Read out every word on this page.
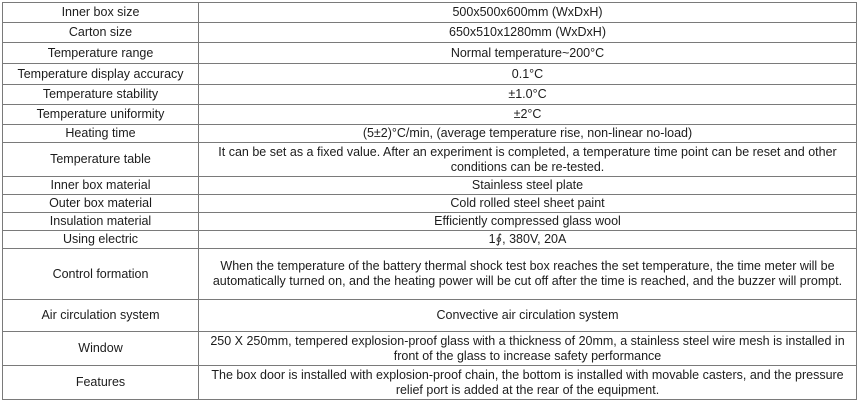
Inner box size	500x500x600mm (WxDxH)
Carton size	650x510x1280mm (WxDxH)
Temperature range	Normal temperature~200°C
Temperature display accuracy	0.1°C
Temperature stability	±1.0°C
Temperature uniformity	±2°C
Heating time	(5±2)°C/min, (average temperature rise, non-linear no-load)
Temperature table	It can be set as a fixed value. After an experiment is completed, a temperature time point can be reset and other conditions can be re-tested.
Inner box material	Stainless steel plate
Outer box material	Cold rolled steel sheet paint
Insulation material	Efficiently compressed glass wool
Using electric	1∮, 380V, 20A
Control formation	When the temperature of the battery thermal shock test box reaches the set temperature, the time meter will be automatically turned on, and the heating power will be cut off after the time is reached, and the buzzer will prompt.
Air circulation system	Convective air circulation system
Window	250 X 250mm, tempered explosion-proof glass with a thickness of 20mm, a stainless steel wire mesh is installed in front of the glass to increase safety performance
Features	The box door is installed with explosion-proof chain, the bottom is installed with movable casters, and the pressure relief port is added at the rear of the equipment.
